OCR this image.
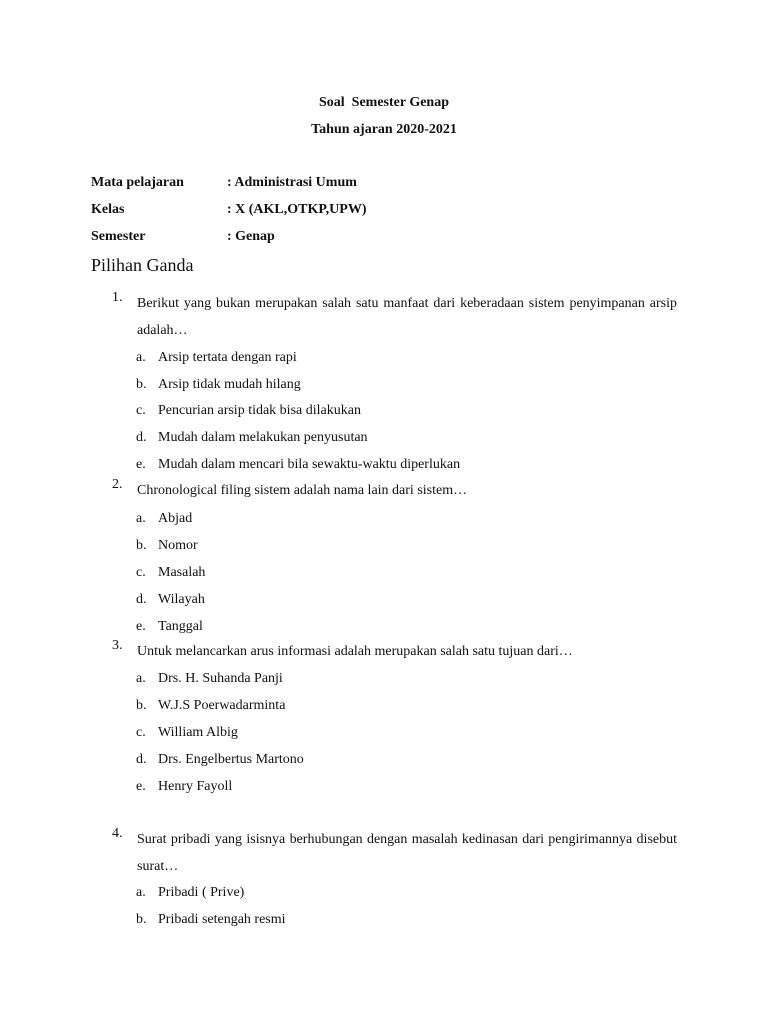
Soal  Semester Genap
Tahun ajaran 2020-2021
Mata pelajaran	: Administrasi Umum
Kelas	: X (AKL,OTKP,UPW)
Semester	: Genap
Pilihan Ganda
1. Berikut yang bukan merupakan salah satu manfaat dari keberadaan sistem penyimpanan arsip adalah…
a. Arsip tertata dengan rapi
b. Arsip tidak mudah hilang
c. Pencurian arsip tidak bisa dilakukan
d. Mudah dalam melakukan penyusutan
e. Mudah dalam mencari bila sewaktu-waktu diperlukan
2. Chronological filing sistem adalah nama lain dari sistem…
a. Abjad
b. Nomor
c. Masalah
d. Wilayah
e. Tanggal
3. Untuk melancarkan arus informasi adalah merupakan salah satu tujuan dari…
a. Drs. H. Suhanda Panji
b. W.J.S Poerwadarminta
c. William Albig
d. Drs. Engelbertus Martono
e. Henry Fayoll
4. Surat pribadi yang isisnya berhubungan dengan masalah kedinasan dari pengirimannya disebut surat…
a. Pribadi ( Prive)
b. Pribadi setengah resmi
